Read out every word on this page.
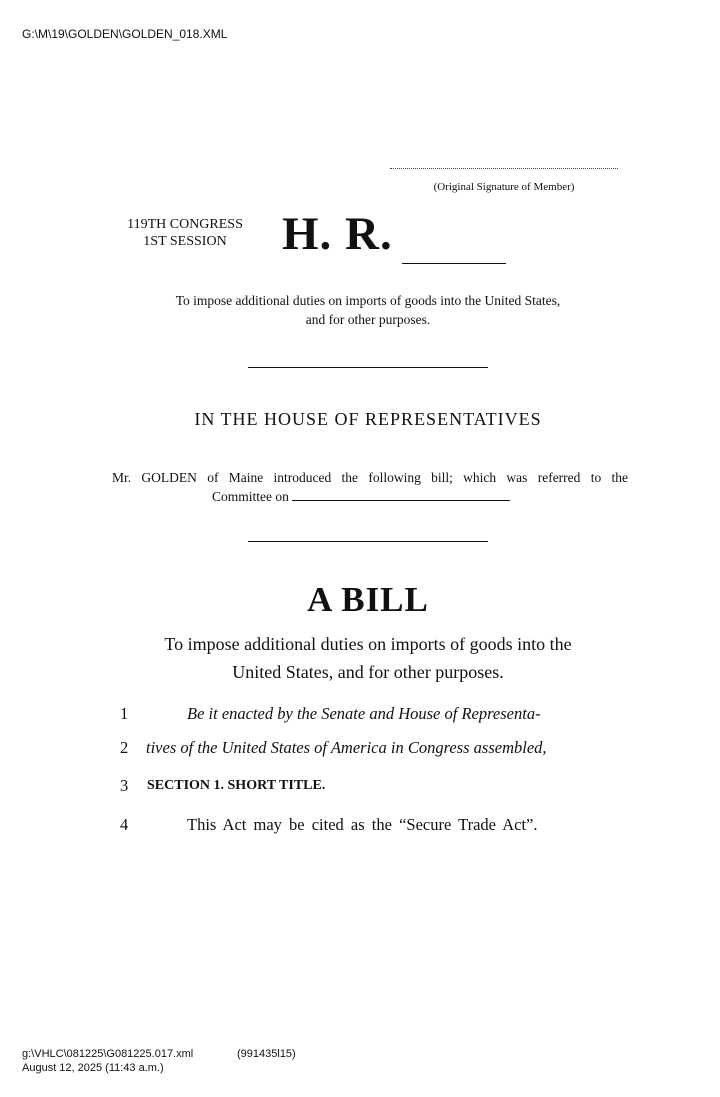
G:\M\19\GOLDEN\GOLDEN_018.XML
(Original Signature of Member)
119TH CONGRESS
1ST SESSION	H. R.
To impose additional duties on imports of goods into the United States,
and for other purposes.
IN THE HOUSE OF REPRESENTATIVES
Mr. GOLDEN of Maine introduced the following bill; which was referred to the
Committee on
A BILL
To impose additional duties on imports of goods into the
United States, and for other purposes.
1	Be it enacted by the Senate and House of Representa-
2	tives of the United States of America in Congress assembled,
3	SECTION 1. SHORT TITLE.
4	This Act may be cited as the “Secure Trade Act”.
g:\VHLC\081225\G081225.017.xml	(991435l15)
August 12, 2025 (11:43 a.m.)
